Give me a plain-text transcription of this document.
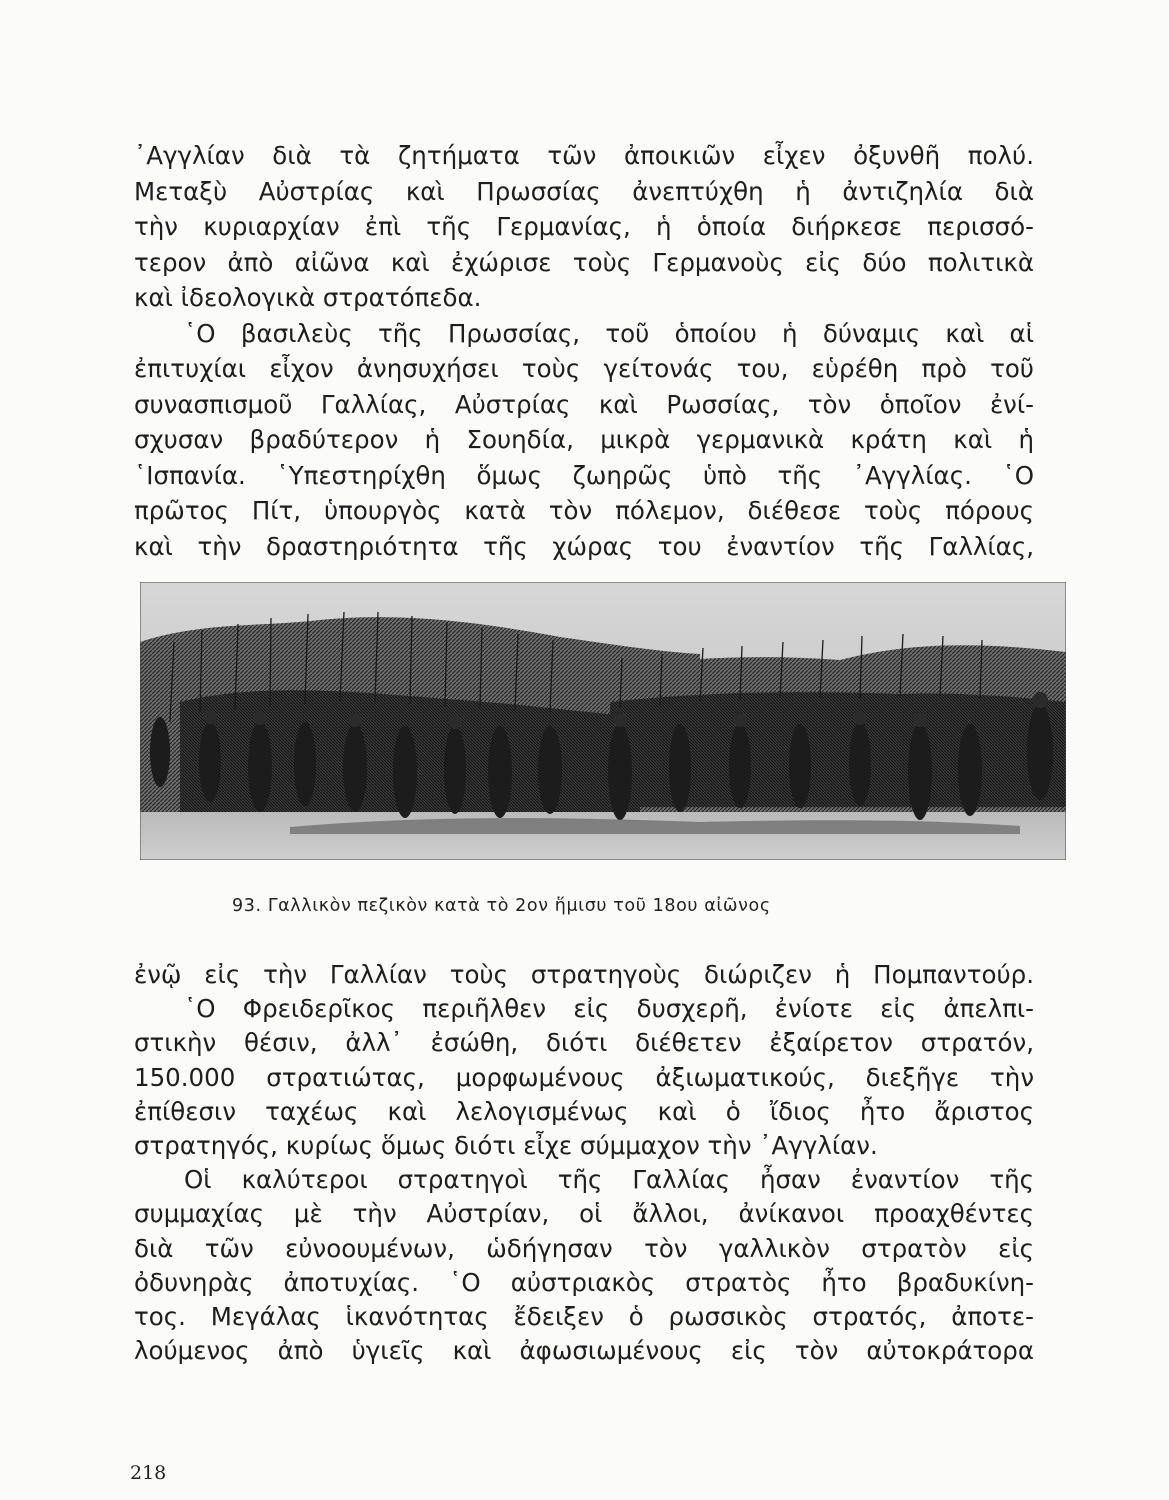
᾿Αγγλίαν διὰ τὰ ζητήματα τῶν ἀποικιῶν εἶχεν ὀξυνθῆ πολύ.
Μεταξὺ Αὐστρίας καὶ Πρωσσίας ἀνεπτύχθη ἡ ἀντιζηλία διὰ
τὴν κυριαρχίαν ἐπὶ τῆς Γερμανίας, ἡ ὁποία διήρκεσε περισσό-
τερον ἀπὸ αἰῶνα καὶ ἐχώρισε τοὺς Γερμανοὺς εἰς δύο πολιτικὰ
καὶ ἰδεολογικὰ στρατόπεδα.
῾Ο βασιλεὺς τῆς Πρωσσίας, τοῦ ὁποίου ἡ δύναμις καὶ αἱ
ἐπιτυχίαι εἶχον ἀνησυχήσει τοὺς γείτονάς του, εὑρέθη πρὸ τοῦ
συνασπισμοῦ Γαλλίας, Αὐστρίας καὶ Ρωσσίας, τὸν ὁποῖον ἐνί-
σχυσαν βραδύτερον ἡ Σουηδία, μικρὰ γερμανικὰ κράτη καὶ ἡ
῾Ισπανία. ῾Υπεστηρίχθη ὅμως ζωηρῶς ὑπὸ τῆς ᾿Αγγλίας. ῾Ο
πρῶτος Πίτ, ὑπουργὸς κατὰ τὸν πόλεμον, διέθεσε τοὺς πόρους
καὶ τὴν δραστηριότητα τῆς χώρας του ἐναντίον τῆς Γαλλίας,
93. Γαλλικὸν πεζικὸν κατὰ τὸ 2ον ἥμισυ τοῦ 18ου αἰῶνος
ἐνῷ εἰς τὴν Γαλλίαν τοὺς στρατηγοὺς διώριζεν ἡ Πομπαντούρ.
῾Ο Φρειδερῖκος περιῆλθεν εἰς δυσχερῆ, ἐνίοτε εἰς ἀπελπι-
στικὴν θέσιν, ἀλλ᾿ ἐσώθη, διότι διέθετεν ἐξαίρετον στρατόν,
150.000 στρατιώτας, μορφωμένους ἀξιωματικούς, διεξῆγε τὴν
ἐπίθεσιν ταχέως καὶ λελογισμένως καὶ ὁ ἴδιος ἦτο ἄριστος
στρατηγός, κυρίως ὅμως διότι εἶχε σύμμαχον τὴν ᾿Αγγλίαν.
Οἱ καλύτεροι στρατηγοὶ τῆς Γαλλίας ἦσαν ἐναντίον τῆς
συμμαχίας μὲ τὴν Αὐστρίαν, οἱ ἄλλοι, ἀνίκανοι προαχθέντες
διὰ τῶν εὐνοουμένων, ὡδήγησαν τὸν γαλλικὸν στρατὸν εἰς
ὀδυνηρὰς ἀποτυχίας. ῾Ο αὐστριακὸς στρατὸς ἦτο βραδυκίνη-
τος. Μεγάλας ἱκανότητας ἔδειξεν ὁ ρωσσικὸς στρατός, ἀποτε-
λούμενος ἀπὸ ὑγιεῖς καὶ ἀφωσιωμένους εἰς τὸν αὐτοκράτορα
218
